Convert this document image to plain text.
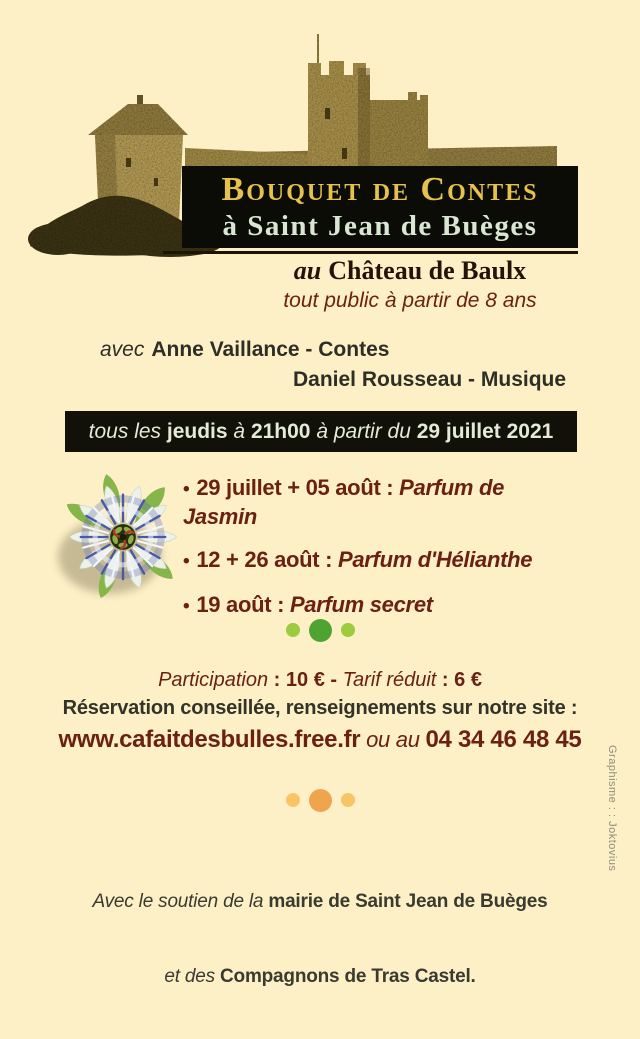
Bouquet de Contes
à Saint Jean de Buèges
au Château de Baulx
tout public à partir de 8 ans
avec Anne Vaillance - Contes
Daniel Rousseau - Musique
tous les jeudis à 21h00 à partir du 29 juillet 2021
• 29 juillet + 05 août : Parfum de Jasmin
• 12 + 26 août : Parfum d'Hélianthe
• 19 août : Parfum secret
Participation : 10 € - Tarif réduit : 6 €
Réservation conseillée, renseignements sur notre site :
www.cafaitdesbulles.free.fr ou au 04 34 46 48 45

Avec le soutien de la mairie de Saint Jean de Buèges

et des Compagnons de Tras Castel.

Graphisme : : Joktovius
